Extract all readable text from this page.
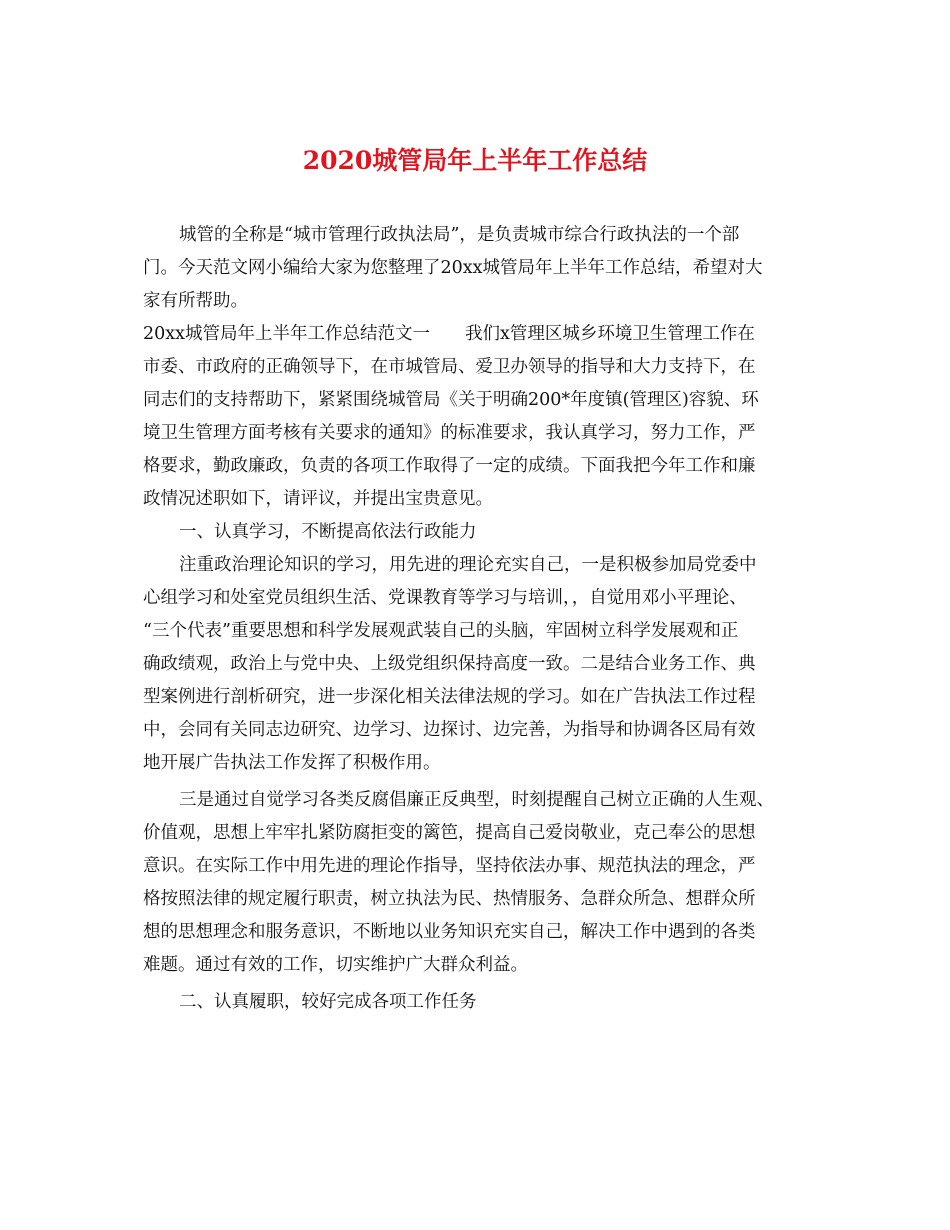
2020城管局年上半年工作总结

城管的全称是“城市管理行政执法局”，是负责城市综合行政执法的一个部

门。今天范文网小编给大家为您整理了20xx城管局年上半年工作总结，希望对大

家有所帮助。

20xx城管局年上半年工作总结范文一　　我们x管理区城乡环境卫生管理工作在

市委、市政府的正确领导下，在市城管局、爱卫办领导的指导和大力支持下，在

同志们的支持帮助下，紧紧围绕城管局《关于明确200*年度镇(管理区)容貌、环

境卫生管理方面考核有关要求的通知》的标准要求，我认真学习，努力工作，严

格要求，勤政廉政，负责的各项工作取得了一定的成绩。下面我把今年工作和廉

政情况述职如下，请评议，并提出宝贵意见。

一、认真学习，不断提高依法行政能力

注重政治理论知识的学习，用先进的理论充实自己，一是积极参加局党委中

心组学习和处室党员组织生活、党课教育等学习与培训，，自觉用邓小平理论、

“三个代表”重要思想和科学发展观武装自己的头脑，牢固树立科学发展观和正

确政绩观，政治上与党中央、上级党组织保持高度一致。二是结合业务工作、典

型案例进行剖析研究，进一步深化相关法律法规的学习。如在广告执法工作过程

中，会同有关同志边研究、边学习、边探讨、边完善，为指导和协调各区局有效

地开展广告执法工作发挥了积极作用。

三是通过自觉学习各类反腐倡廉正反典型，时刻提醒自己树立正确的人生观、

价值观，思想上牢牢扎紧防腐拒变的篱笆，提高自己爱岗敬业，克己奉公的思想

意识。在实际工作中用先进的理论作指导，坚持依法办事、规范执法的理念，严

格按照法律的规定履行职责，树立执法为民、热情服务、急群众所急、想群众所

想的思想理念和服务意识，不断地以业务知识充实自己，解决工作中遇到的各类

难题。通过有效的工作，切实维护广大群众利益。

二、认真履职，较好完成各项工作任务
